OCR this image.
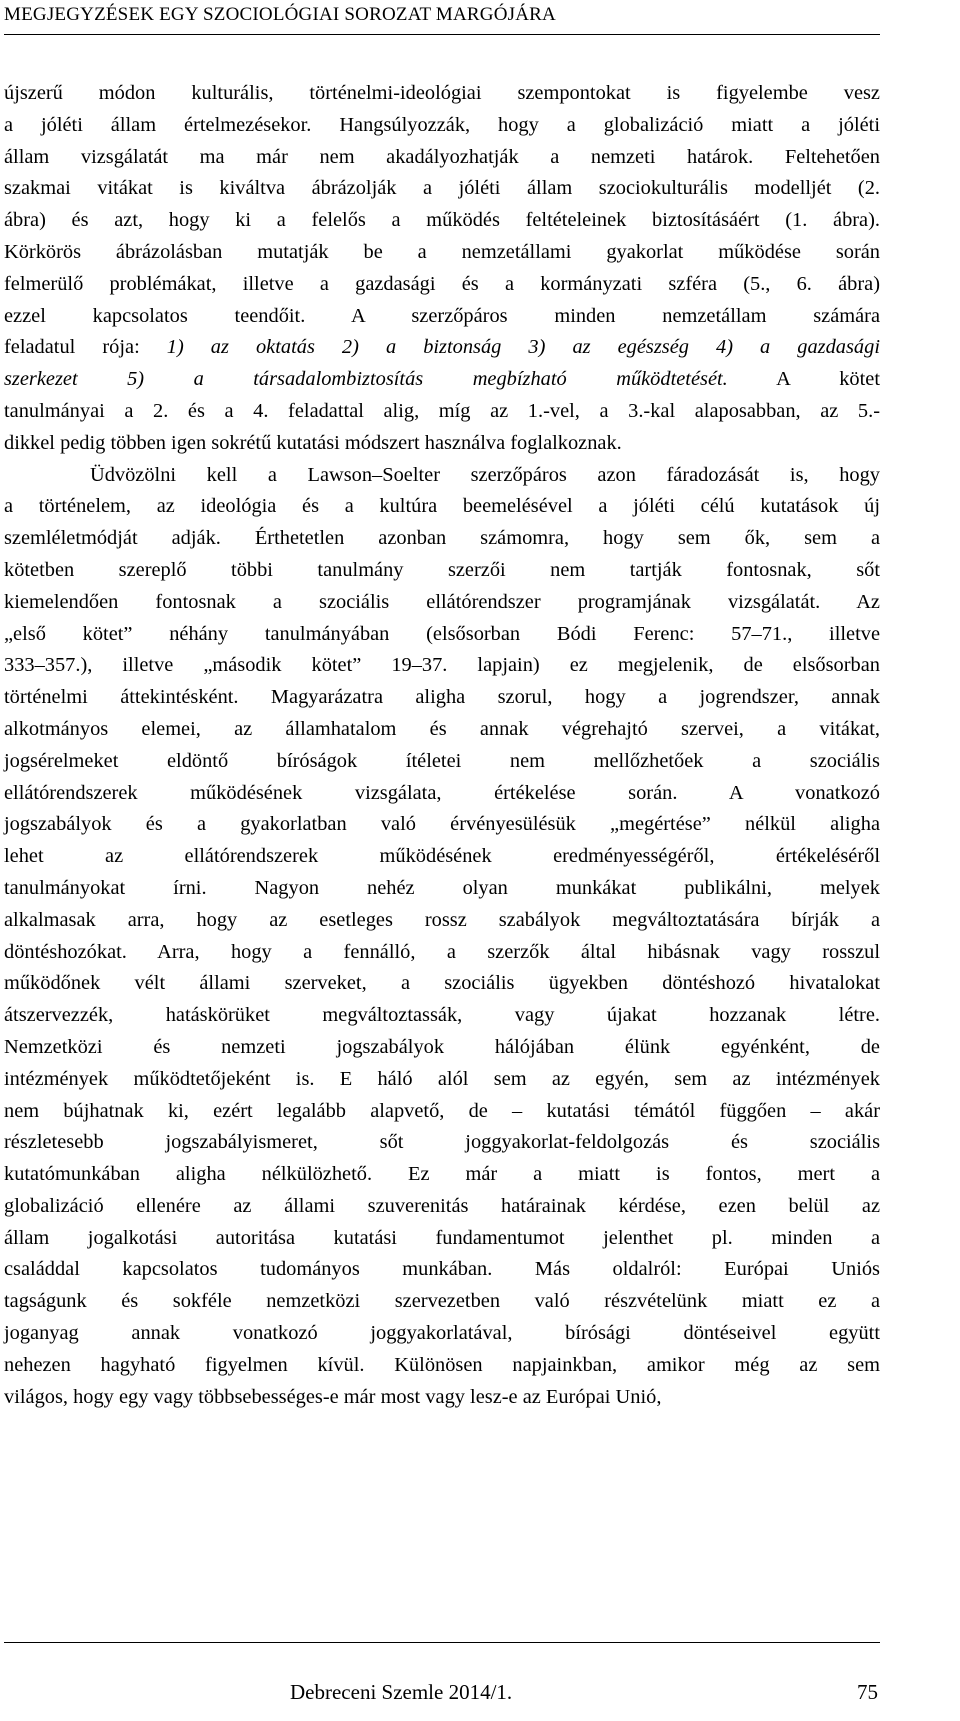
MEGJEGYZÉSEK EGY SZOCIOLÓGIAI SOROZAT MARGÓJÁRA
újszerű módon kulturális, történelmi-ideológiai szempontokat is figyelembe vesz
a jóléti állam értelmezésekor. Hangsúlyozzák, hogy a globalizáció miatt a jóléti
állam vizsgálatát ma már nem akadályozhatják a nemzeti határok. Feltehetően
szakmai vitákat is kiváltva ábrázolják a jóléti állam szociokulturális modelljét (2.
ábra) és azt, hogy ki a felelős a működés feltételeinek biztosításáért (1. ábra).
Körkörös ábrázolásban mutatják be a nemzetállami gyakorlat működése során
felmerülő problémákat, illetve a gazdasági és a kormányzati szféra (5., 6. ábra)
ezzel kapcsolatos teendőit. A szerzőpáros minden nemzetállam számára
feladatul rója: 1) az oktatás 2) a biztonság 3) az egészség 4) a gazdasági
szerkezet 5) a társadalombiztosítás megbízható működtetését. A kötet
tanulmányai a 2. és a 4. feladattal alig, míg az 1.-vel, a 3.-kal alaposabban, az 5.-
dikkel pedig többen igen sokrétű kutatási módszert használva foglalkoznak.
Üdvözölni kell a Lawson‒Soelter szerzőpáros azon fáradozását is, hogy
a történelem, az ideológia és a kultúra beemelésével a jóléti célú kutatások új
szemléletmódját adják. Érthetetlen azonban számomra, hogy sem ők, sem a
kötetben szereplő többi tanulmány szerzői nem tartják fontosnak, sőt
kiemelendően fontosnak a szociális ellátórendszer programjának vizsgálatát. Az
„első kötet” néhány tanulmányában (elsősorban Bódi Ferenc: 57‒71., illetve
333‒357.), illetve „második kötet” 19‒37. lapjain) ez megjelenik, de elsősorban
történelmi áttekintésként. Magyarázatra aligha szorul, hogy a jogrendszer, annak
alkotmányos elemei, az államhatalom és annak végrehajtó szervei, a vitákat,
jogsérelmeket eldöntő bíróságok ítéletei nem mellőzhetőek a szociális
ellátórendszerek működésének vizsgálata, értékelése során. A vonatkozó
jogszabályok és a gyakorlatban való érvényesülésük „megértése” nélkül aligha
lehet az ellátórendszerek működésének eredményességéről, értékeléséről
tanulmányokat írni. Nagyon nehéz olyan munkákat publikálni, melyek
alkalmasak arra, hogy az esetleges rossz szabályok megváltoztatására bírják a
döntéshozókat. Arra, hogy a fennálló, a szerzők által hibásnak vagy rosszul
működőnek vélt állami szerveket, a szociális ügyekben döntéshozó hivatalokat
átszervezzék, hatáskörüket megváltoztassák, vagy újakat hozzanak létre.
Nemzetközi és nemzeti jogszabályok hálójában élünk egyénként, de
intézmények működtetőjeként is. E háló alól sem az egyén, sem az intézmények
nem bújhatnak ki, ezért legalább alapvető, de ‒ kutatási témától függően ‒ akár
részletesebb jogszabályismeret, sőt joggyakorlat-feldolgozás és szociális
kutatómunkában aligha nélkülözhető. Ez már a miatt is fontos, mert a
globalizáció ellenére az állami szuverenitás határainak kérdése, ezen belül az
állam jogalkotási autoritása kutatási fundamentumot jelenthet pl. minden a
családdal kapcsolatos tudományos munkában. Más oldalról: Európai Uniós
tagságunk és sokféle nemzetközi szervezetben való részvételünk miatt ez a
joganyag annak vonatkozó joggyakorlatával, bírósági döntéseivel együtt
nehezen hagyható figyelmen kívül. Különösen napjainkban, amikor még az sem
világos, hogy egy vagy többsebességes-e már most vagy lesz-e az Európai Unió,
Debreceni Szemle 2014/1.	75
